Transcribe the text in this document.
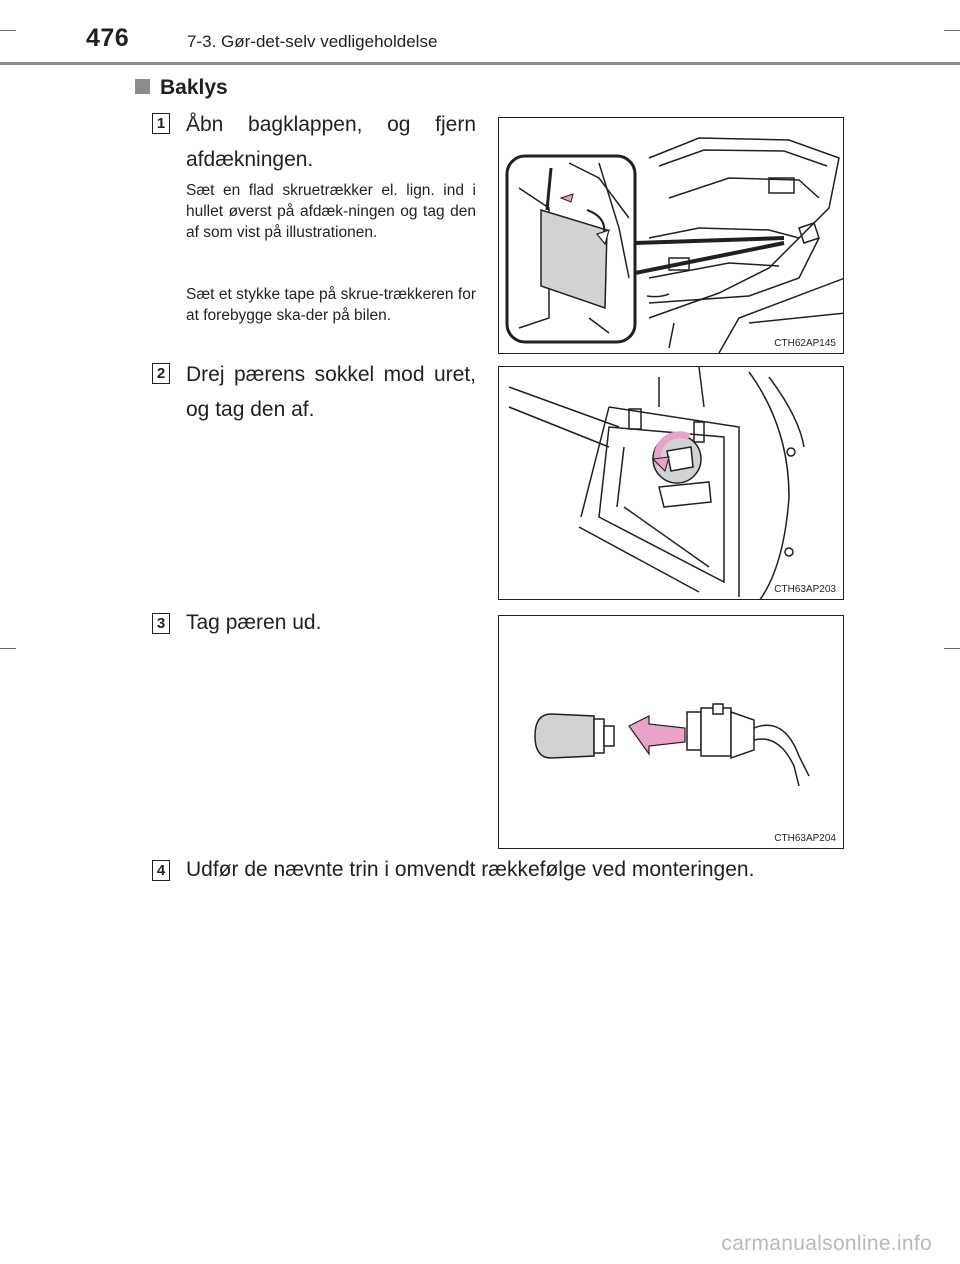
476	7-3. Gør-det-selv vedligeholdelse
Baklys
1 Åbn bagklappen, og fjern afdækningen.
Sæt en flad skruetrækker el. lign. ind i hullet øverst på afdæk-ningen og tag den af som vist på illustrationen.
Sæt et stykke tape på skrue-trækkeren for at forebygge ska-der på bilen.
CTH62AP145
2 Drej pærens sokkel mod uret, og tag den af.
CTH63AP203
3 Tag pæren ud.
CTH63AP204
4 Udfør de nævnte trin i omvendt rækkefølge ved monteringen.
carmanualsonline.info
